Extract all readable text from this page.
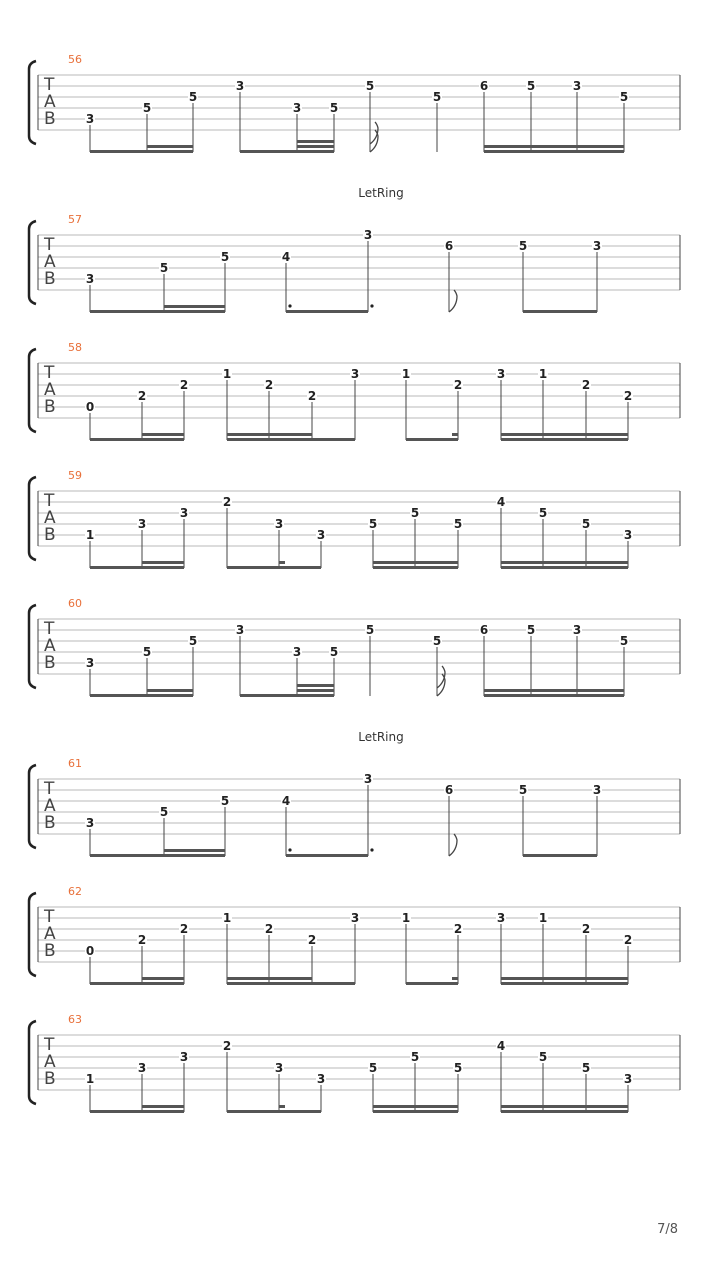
56
T
A
B	3
5
5
3
3 5
5
5
6	5	3
5
LetRing
57
T
A
B	3
5
5	4
3
6	5	3
58
T
A
B	0
2
2
1
2
2
3	1
2
3	1
2
2
59
T
A
B	1
3
3
2
3
3
5
5
5
4
5
5
3
60
T
A
B	3
5
5
3
3 5
5
5
6	5	3
5
LetRing
61
T
A
B	3
5
5	4
3
6	5	3
62
T
A
B	0
2
2
1
2
2
3	1
2
3	1
2
2
63
T
A
B	1
3
3
2
3
3
5
5
5
4
5
5
3
7/8
